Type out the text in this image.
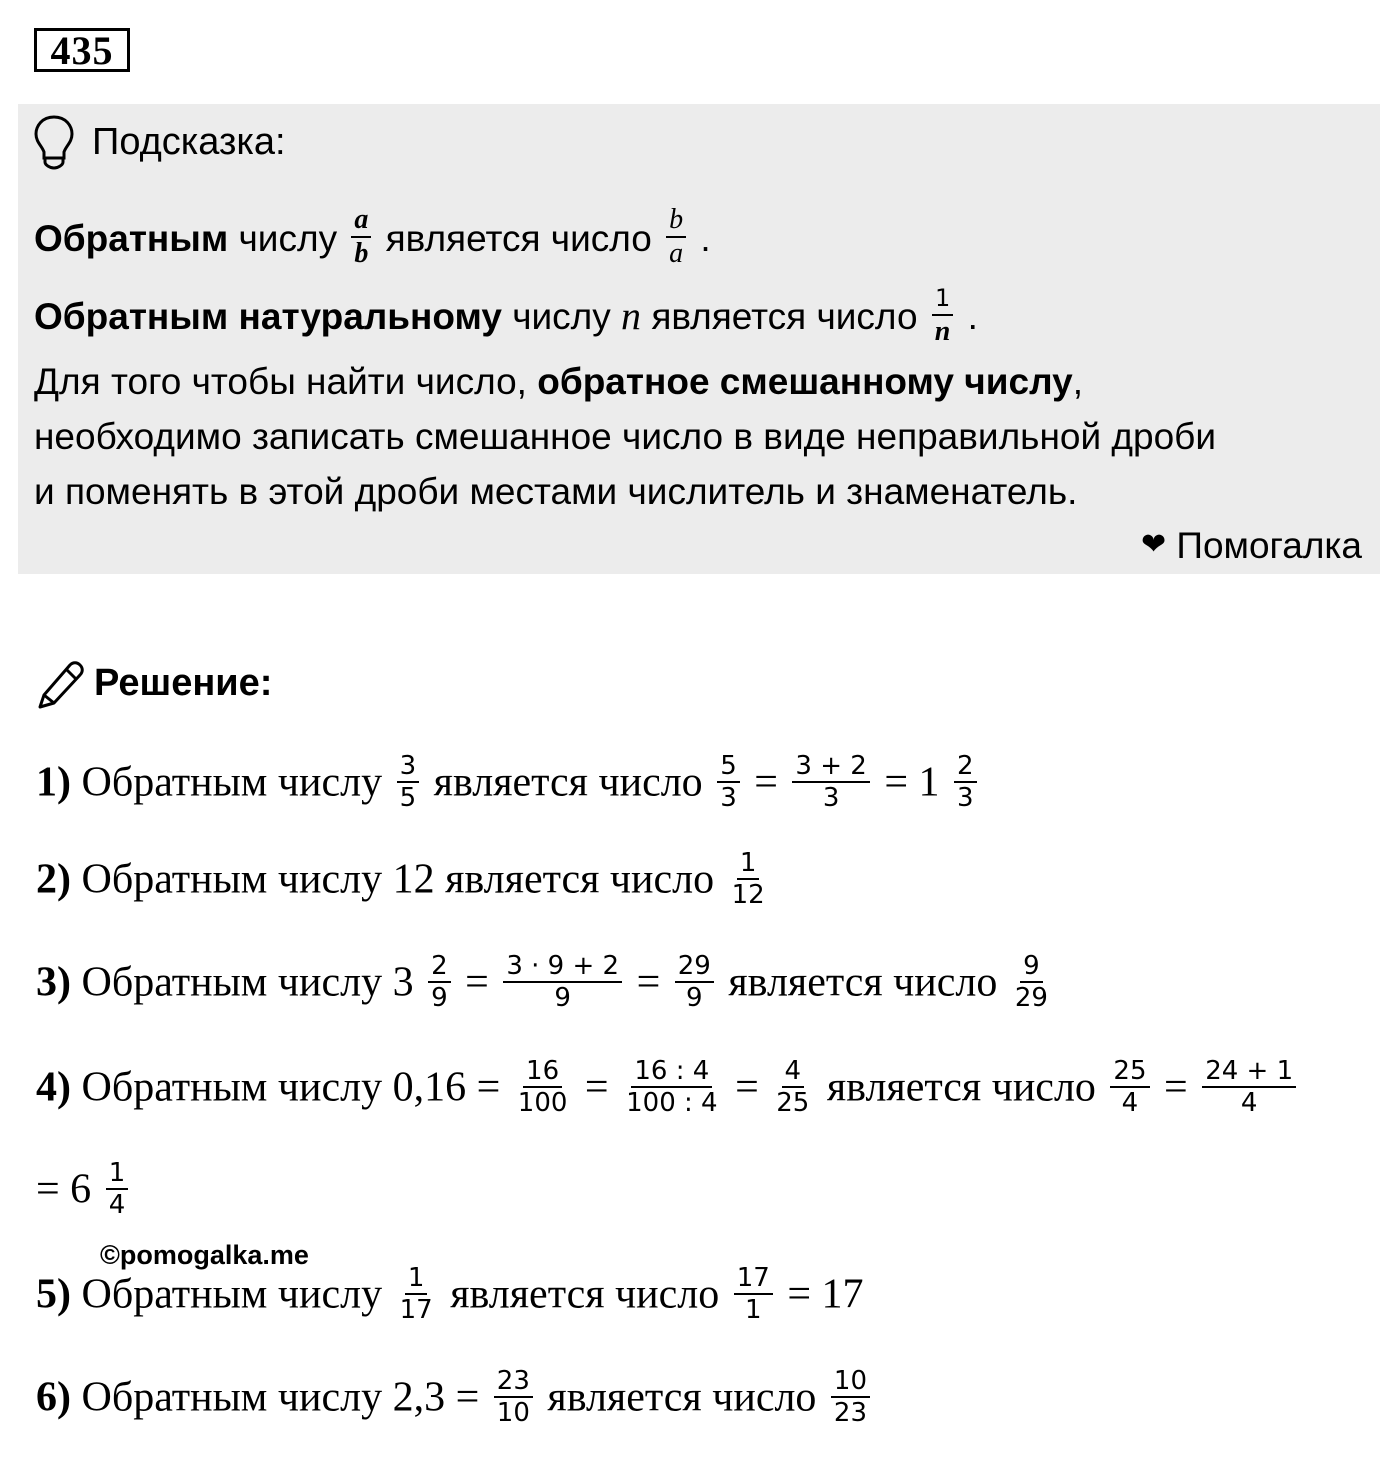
435
Подсказка:
Обратным числу $\frac{a}{b}$ является число $\frac{b}{a}$ .
Обратным натуральному числу n является число $\frac{1}{n}$ .
Для того чтобы найти число, обратное смешанному числу,
необходимо записать смешанное число в виде неправильной дроби
и поменять в этой дроби местами числитель и знаменатель.
❤ Помогалка
Решение:
1) Обратным числу $\frac{3}{5}$ является число $\frac{5}{3} = \frac{3 + 2}{3} = 1 \frac{2}{3}$
2) Обратным числу 12 является число $\frac{1}{12}$
3) Обратным числу $3 \frac{2}{9} = \frac{3 \cdot 9 + 2}{9} = \frac{29}{9}$ является число $\frac{9}{29}$
4) Обратным числу $0,16 = \frac{16}{100} = \frac{16 : 4}{100 : 4} = \frac{4}{25}$ является число $\frac{25}{4} = \frac{24 + 1}{4}$
= $6 \frac{1}{4}$
©pomogalka.me
5) Обратным числу $\frac{1}{17}$ является число $\frac{17}{1} = 17$
6) Обратным числу $2,3 = \frac{23}{10}$ является число $\frac{10}{23}$
